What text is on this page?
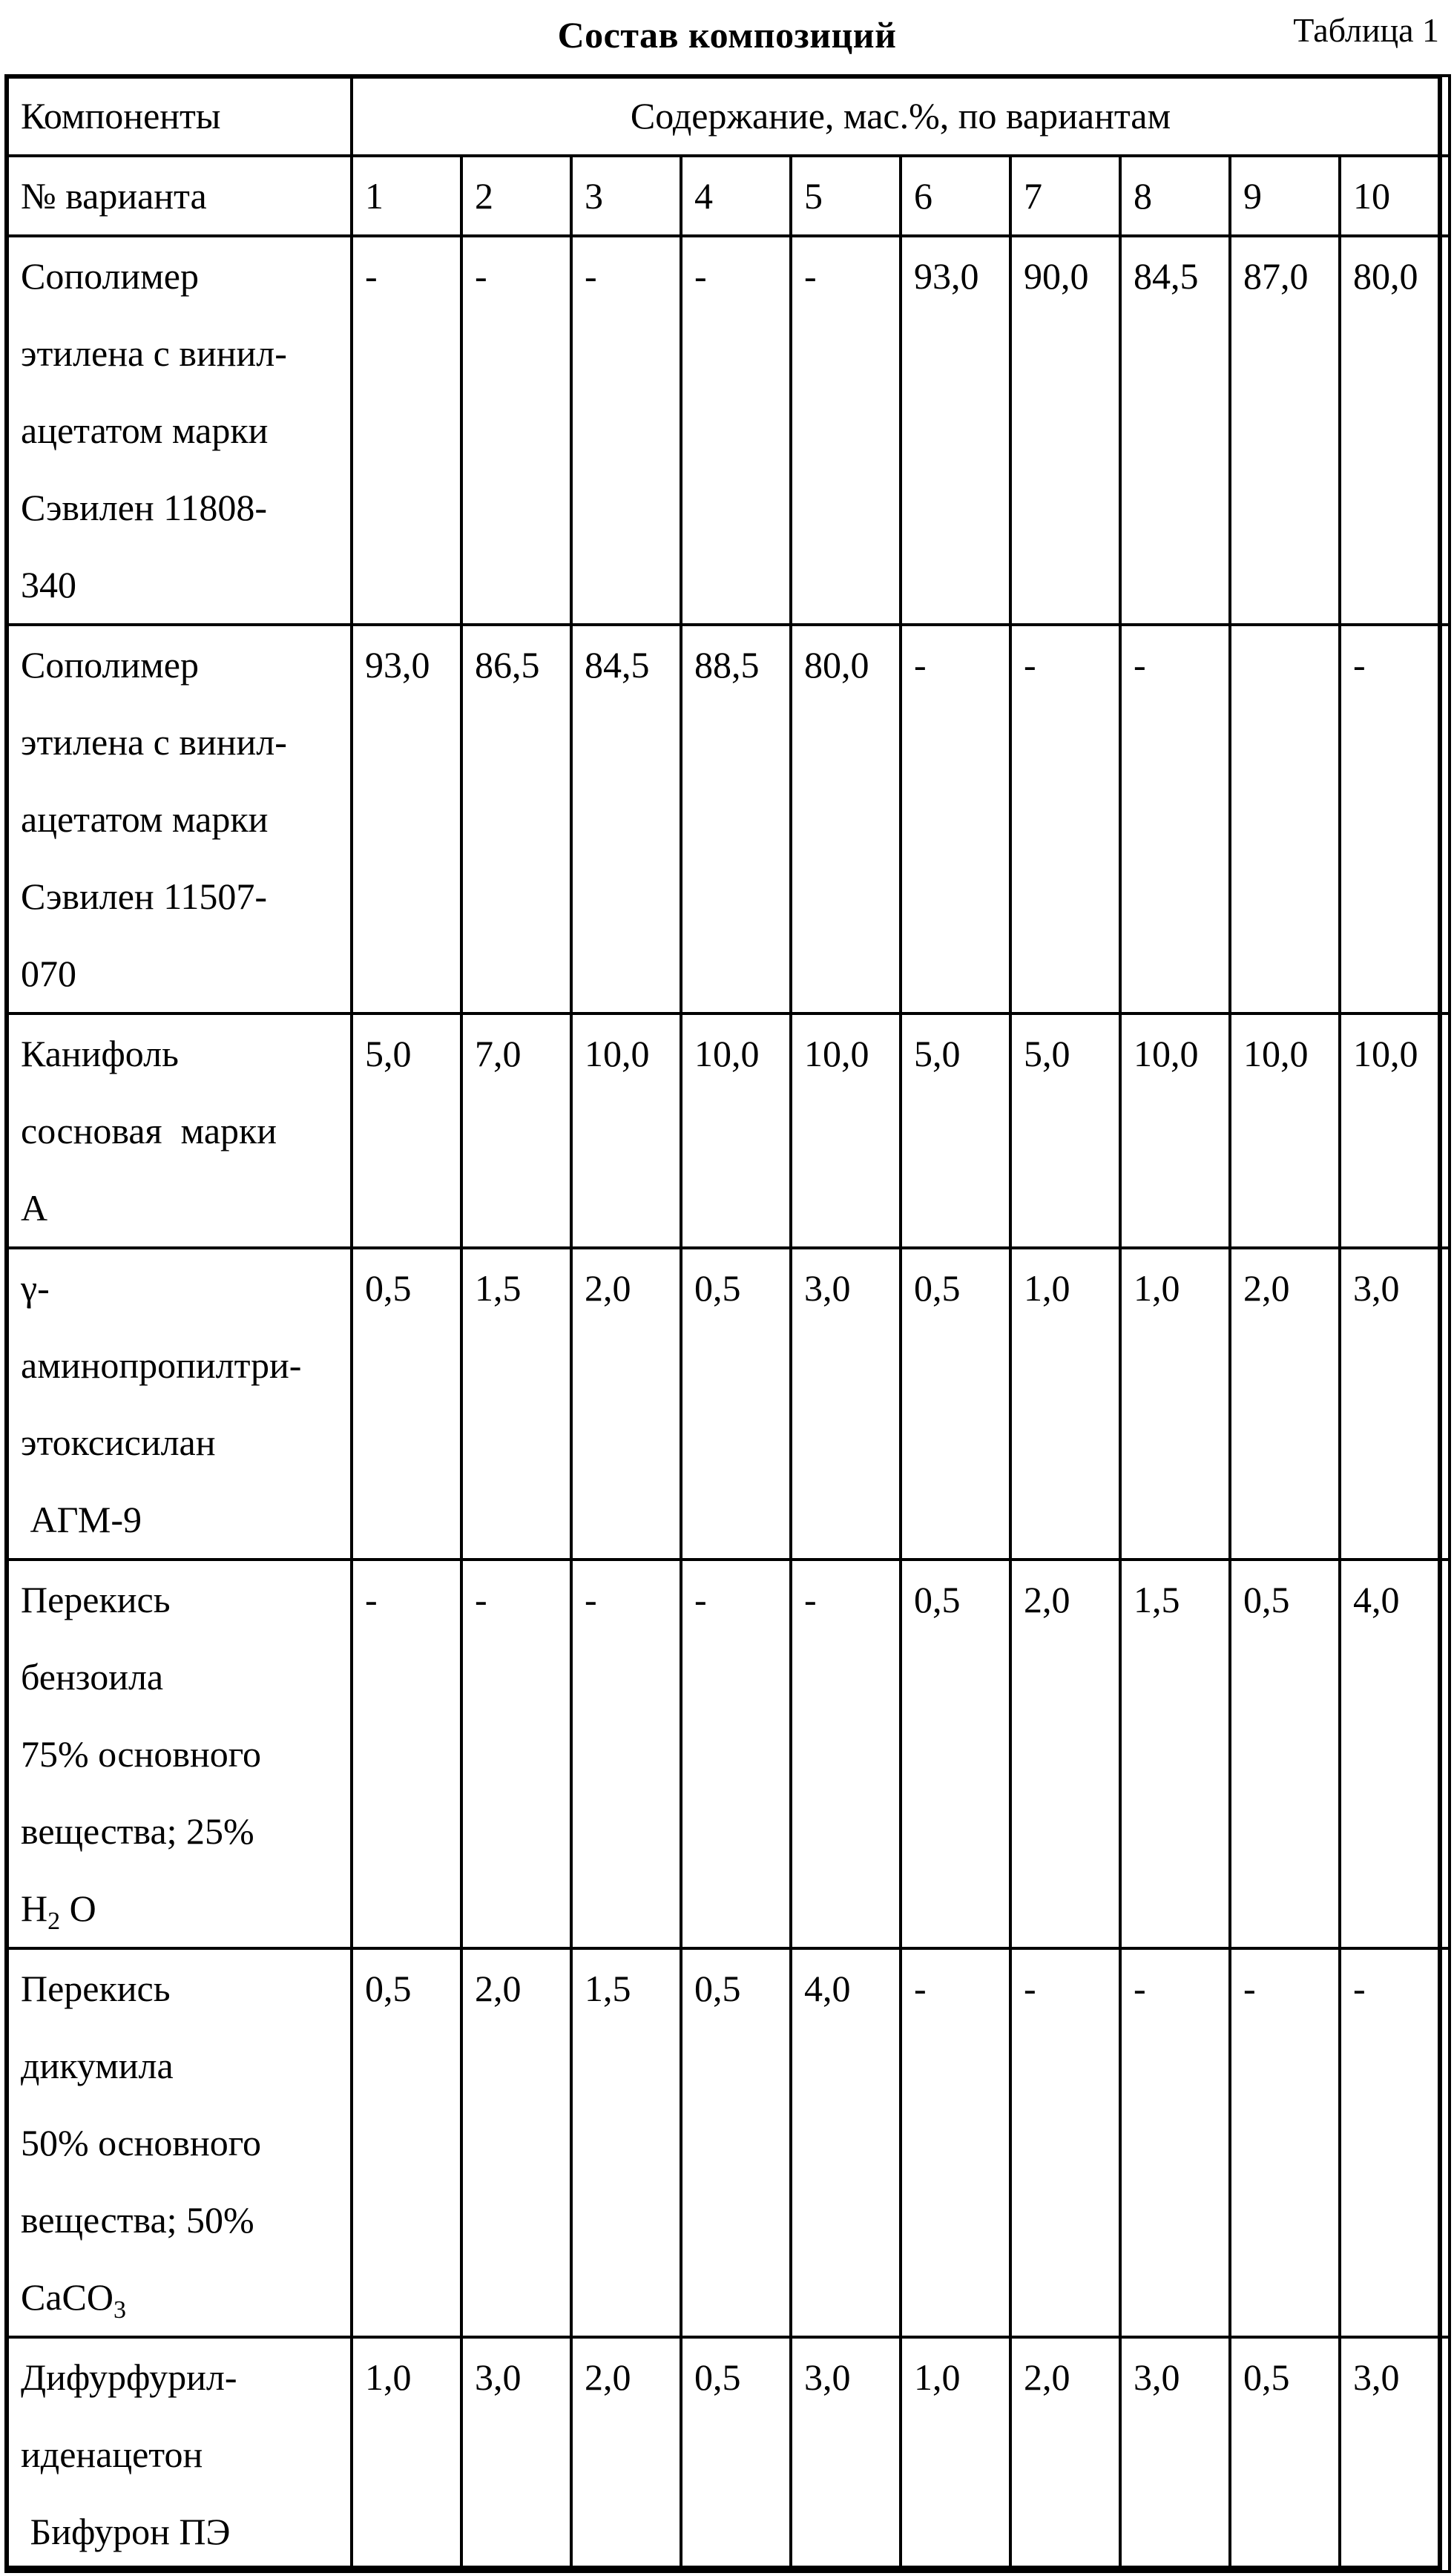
Состав композиций	Таблица 1
Компоненты	Содержание, мас.%, по вариантам
№ варианта	1	2	3	4	5	6	7	8	9	10

Сополимер
этилена с винил-
ацетатом марки
Сэвилен 11808-
340
	-	-	-	-	-	93,0	90,0	84,5	87,0	80,0

Сополимер
этилена с винил-
ацетатом марки
Сэвилен 11507-
070
	93,0	86,5	84,5	88,5	80,0	-	-	-		-

Канифоль
сосновая  марки
А
	5,0	7,0	10,0	10,0	10,0	5,0	5,0	10,0	10,0	10,0

γ-
аминопропилтри-
этоксисилан
АГМ-9
	0,5	1,5	2,0	0,5	3,0	0,5	1,0	1,0	2,0	3,0

Перекись
бензоила
75% основного
вещества; 25%
H2 O
	-	-	-	-	-	0,5	2,0	1,5	0,5	4,0

Перекись
дикумила
50% основного
вещества; 50%
CaCO3
	0,5	2,0	1,5	0,5	4,0	-	-	-	-	-

Дифурфурил-
иденацетон
Бифурон ПЭ
	1,0	3,0	2,0	0,5	3,0	1,0	2,0	3,0	0,5	3,0
